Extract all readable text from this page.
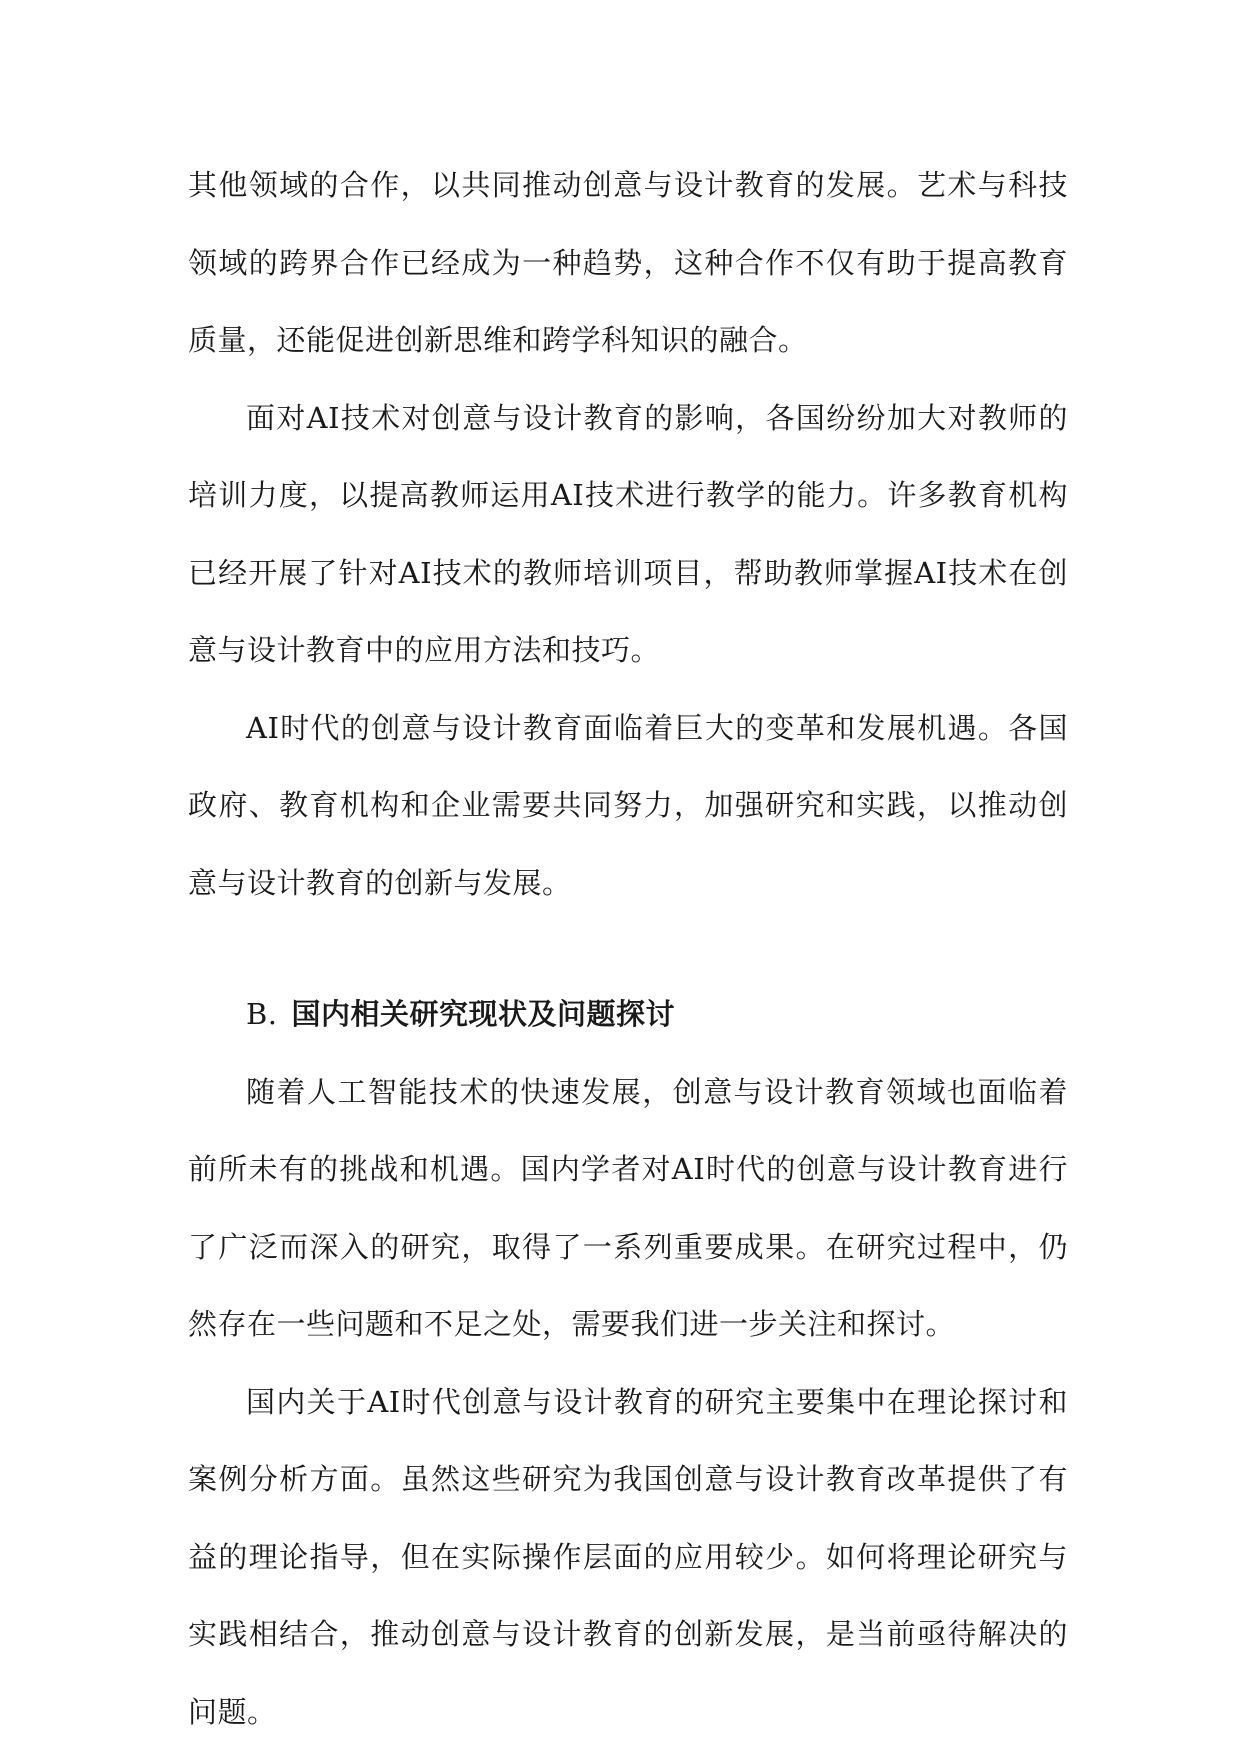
其他领域的合作，以共同推动创意与设计教育的发展。艺术与科技领域的跨界合作已经成为一种趋势，这种合作不仅有助于提高教育质量，还能促进创新思维和跨学科知识的融合。

面对AI技术对创意与设计教育的影响，各国纷纷加大对教师的培训力度，以提高教师运用AI技术进行教学的能力。许多教育机构已经开展了针对AI技术的教师培训项目，帮助教师掌握AI技术在创意与设计教育中的应用方法和技巧。

AI时代的创意与设计教育面临着巨大的变革和发展机遇。各国政府、教育机构和企业需要共同努力，加强研究和实践，以推动创意与设计教育的创新与发展。

B. 国内相关研究现状及问题探讨

随着人工智能技术的快速发展，创意与设计教育领域也面临着前所未有的挑战和机遇。国内学者对AI时代的创意与设计教育进行了广泛而深入的研究，取得了一系列重要成果。在研究过程中，仍然存在一些问题和不足之处，需要我们进一步关注和探讨。

国内关于AI时代创意与设计教育的研究主要集中在理论探讨和案例分析方面。虽然这些研究为我国创意与设计教育改革提供了有益的理论指导，但在实际操作层面的应用较少。如何将理论研究与实践相结合，推动创意与设计教育的创新发展，是当前亟待解决的问题。
